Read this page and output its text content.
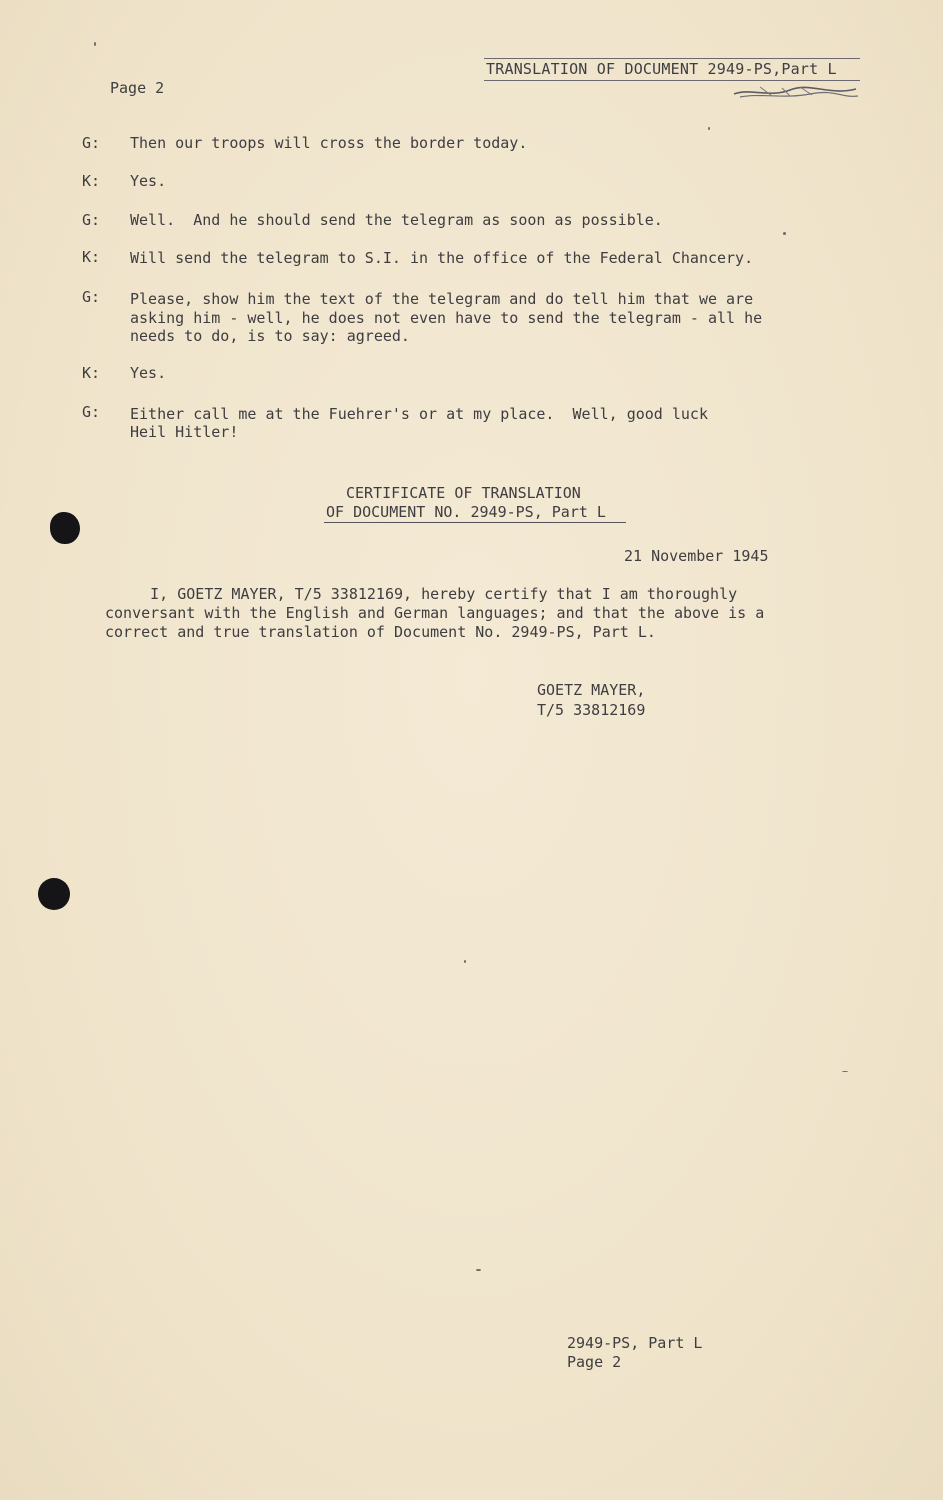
Page 2
TRANSLATION OF DOCUMENT 2949-PS,Part L
G: Then our troops will cross the border today.
K: Yes.
G: Well.  And he should send the telegram as soon as possible.
K: Will send the telegram to S.I. in the office of the Federal Chancery.
G: Please, show him the text of the telegram and do tell him that we are
asking him - well, he does not even have to send the telegram - all he
needs to do, is to say: agreed.
K: Yes.
G: Either call me at the Fuehrer's or at my place.  Well, good luck
Heil Hitler!
CERTIFICATE OF TRANSLATION
OF DOCUMENT NO. 2949-PS, Part L
21 November 1945
I, GOETZ MAYER, T/5 33812169, hereby certify that I am thoroughly
conversant with the English and German languages; and that the above is a
correct and true translation of Document No. 2949-PS, Part L.
GOETZ MAYER,
T/5 33812169
2949-PS, Part L
Page 2
